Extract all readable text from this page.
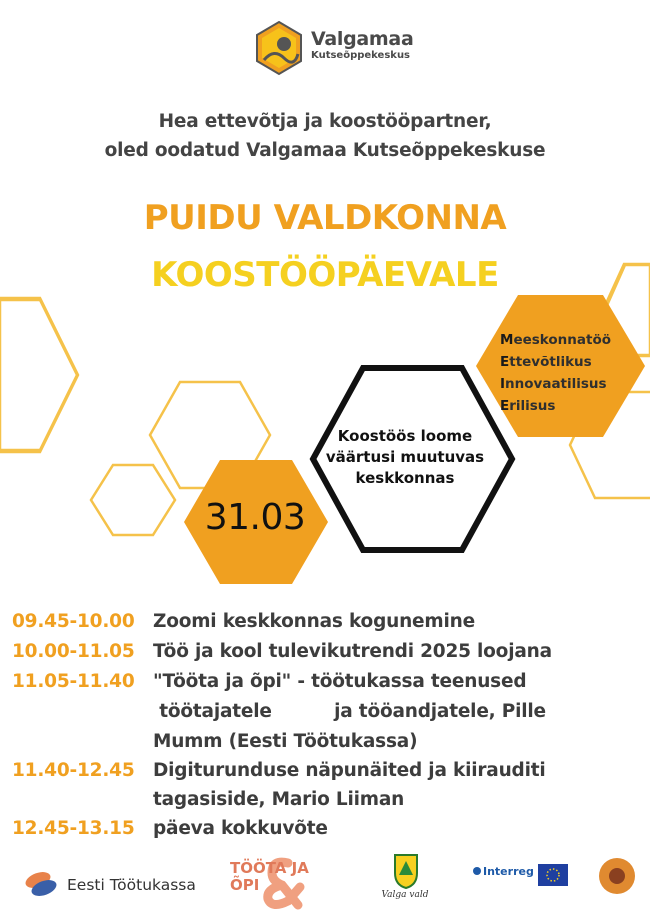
Valgamaa
Kutseõppekeskus
Hea ettevõtja ja koostööpartner,
oled oodatud Valgamaa Kutseõppekeskuse
PUIDU VALDKONNA
KOOSTÖÖPÄEVALE
Meeskonnatöö
Ettevõtlikus
Innovaatilisus
Erilisus
Koostöös loome väärtusi muutuvas keskkonnas
31.03
09.45-10.00 Zoomi keskkonnas kogunemine
10.00-11.05 Töö ja kool tulevikutrendi 2025 loojana
11.05-11.40 "Tööta ja õpi" - töötukassa teenused
töötajatele          ja tööandjatele, Pille
Mumm (Eesti Töötukassa)
11.40-12.45 Digiturunduse näpunäited ja kiirauditi
tagasiside, Mario Liiman
12.45-13.15 päeva kokkuvõte
Eesti Töötukassa
TÖÖTA JA ÕPI
Valga vald
Interreg
